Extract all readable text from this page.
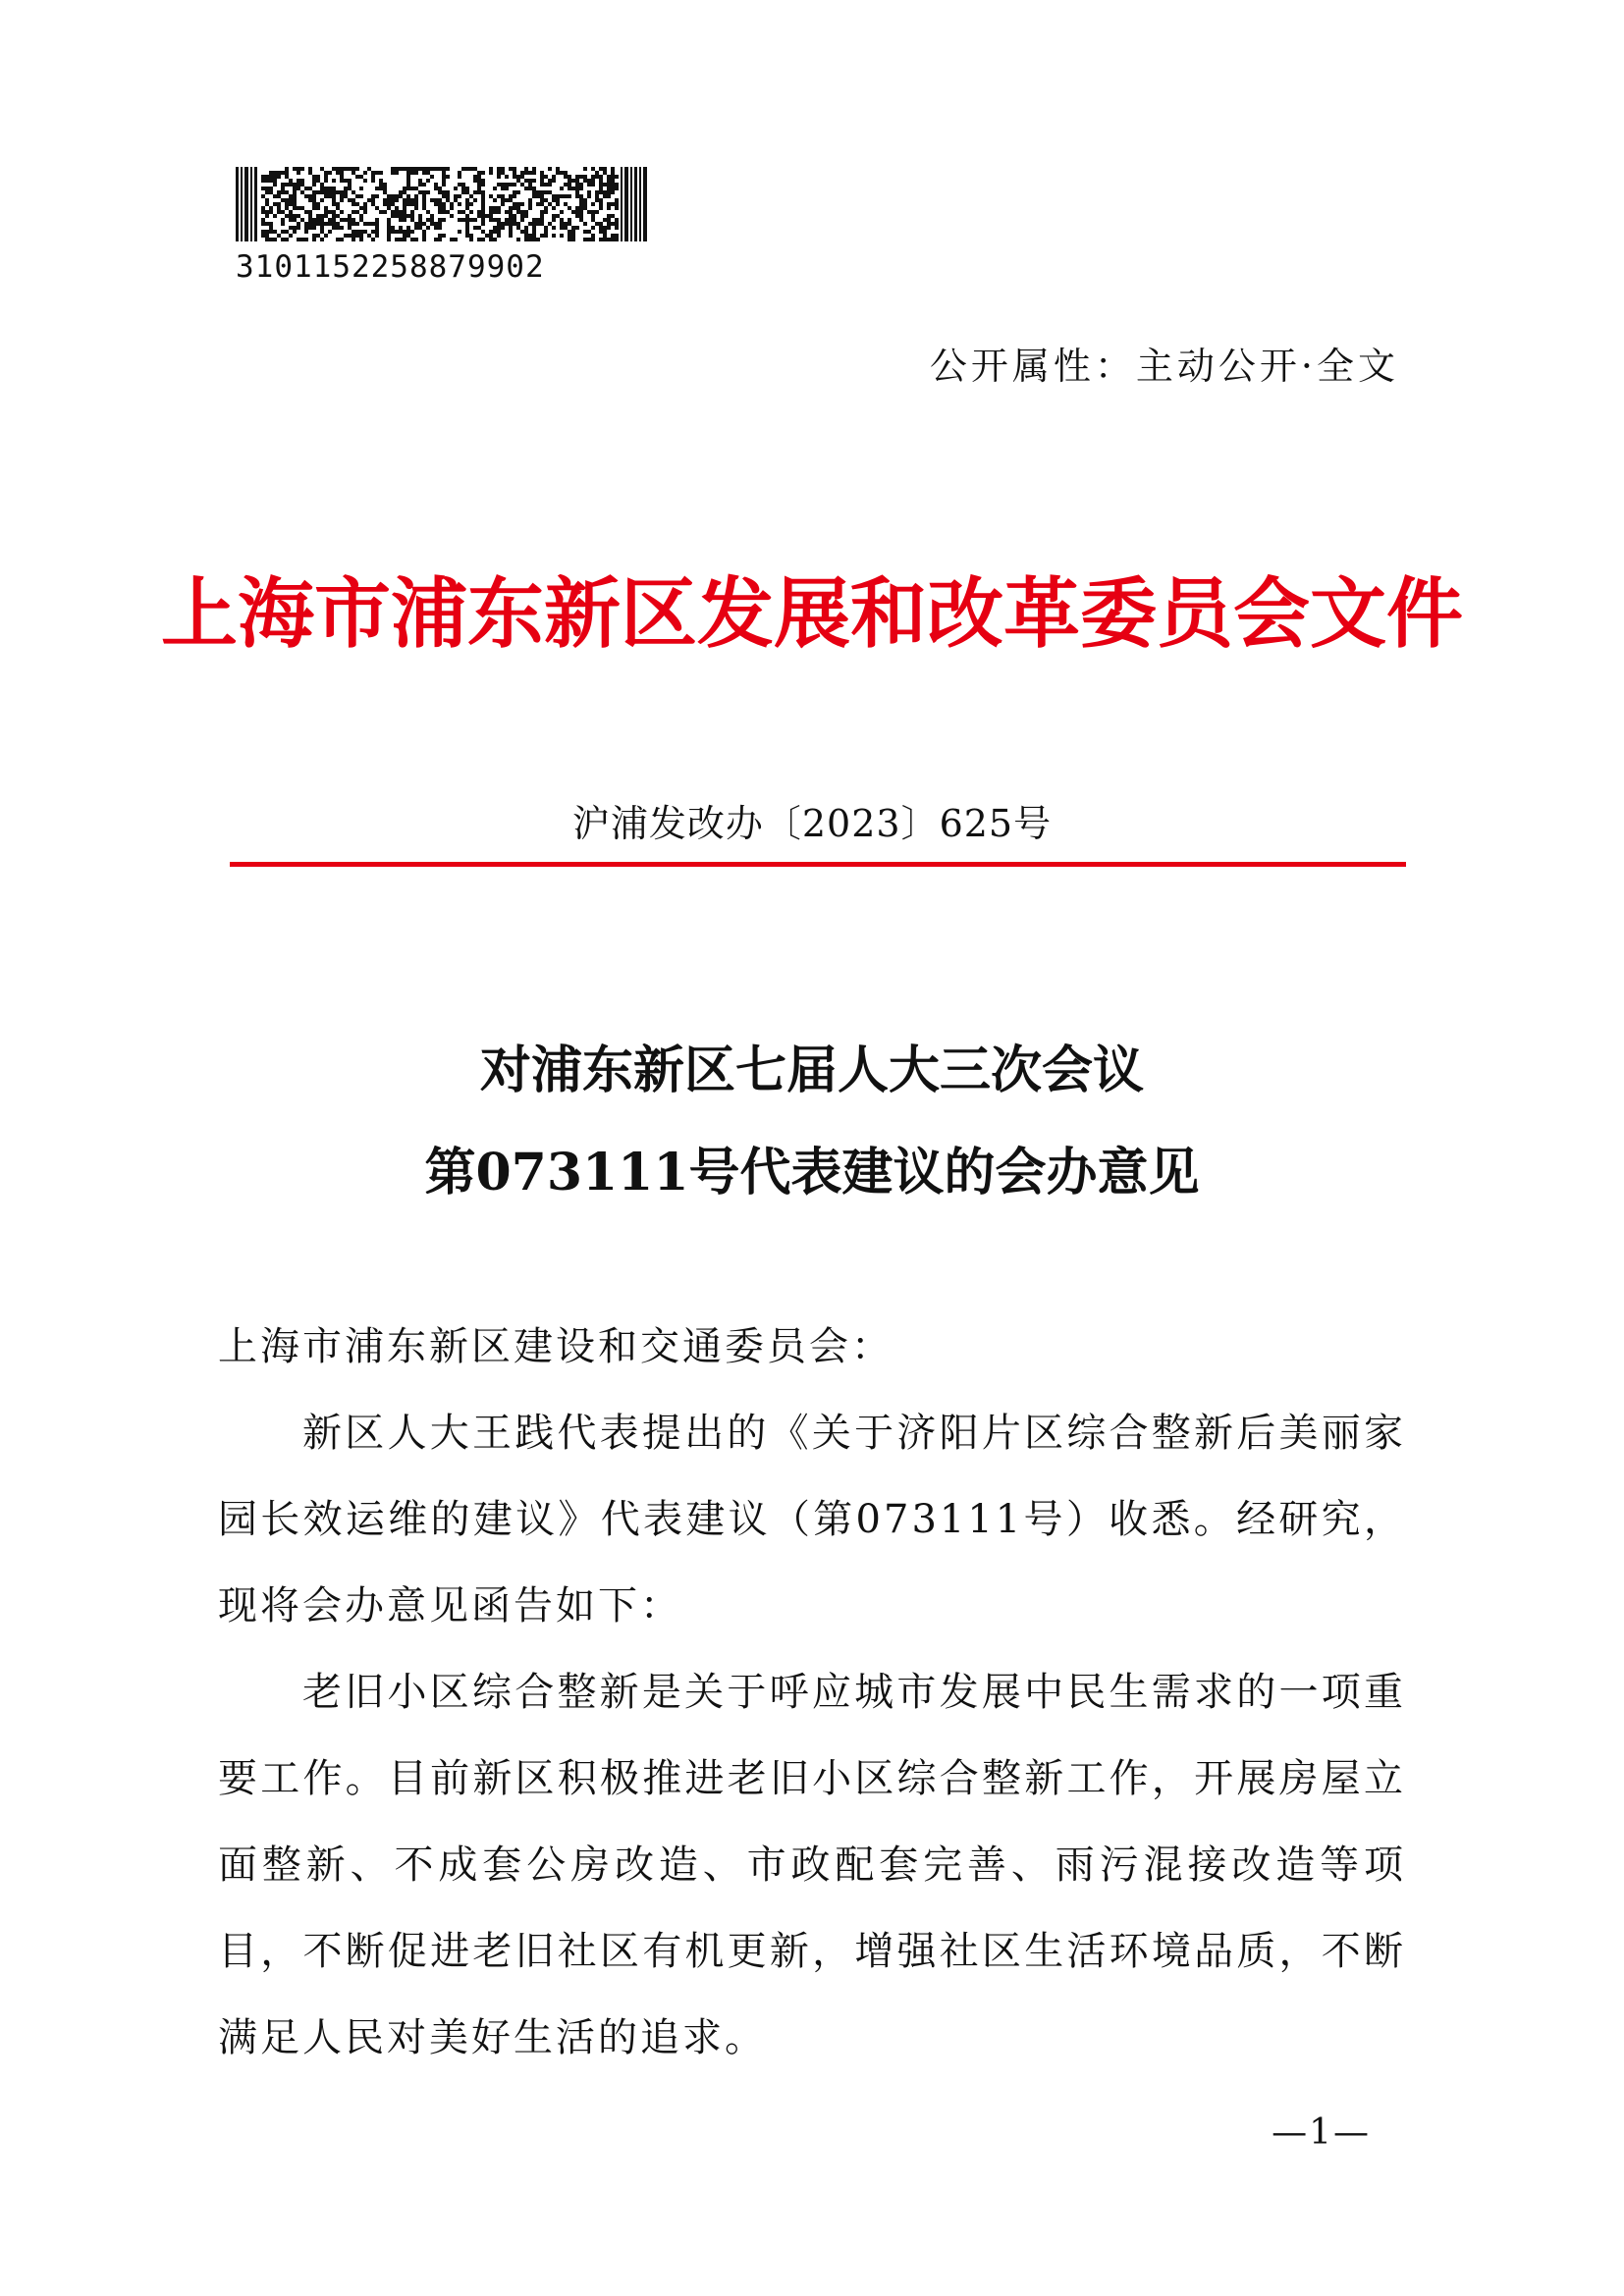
3101152258879902
公开属性：主动公开·全文
上海市浦东新区发展和改革委员会文件
沪浦发改办〔2023〕625号
对浦东新区七届人大三次会议
第073111号代表建议的会办意见

上海市浦东新区建设和交通委员会：

新区人大王践代表提出的《关于济阳片区综合整新后美丽家园长效运维的建议》代表建议（第073111号）收悉。经研究，现将会办意见函告如下：

老旧小区综合整新是关于呼应城市发展中民生需求的一项重要工作。目前新区积极推进老旧小区综合整新工作，开展房屋立面整新、不成套公房改造、市政配套完善、雨污混接改造等项目，不断促进老旧社区有机更新，增强社区生活环境品质，不断满足人民对美好生活的追求。

—1—
